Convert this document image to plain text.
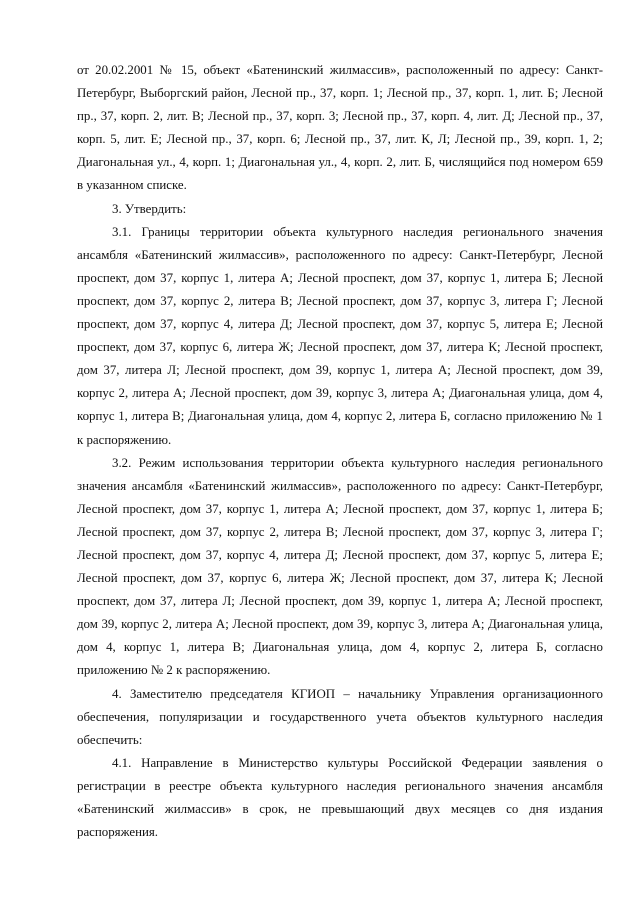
от 20.02.2001 № 15, объект «Батенинский жилмассив», расположенный по адресу: Санкт-Петербург, Выборгский район, Лесной пр., 37, корп. 1; Лесной пр., 37, корп. 1, лит. Б; Лесной пр., 37, корп. 2, лит. В; Лесной пр., 37, корп. 3; Лесной пр., 37, корп. 4, лит. Д; Лесной пр., 37, корп. 5, лит. Е; Лесной пр., 37, корп. 6; Лесной пр., 37, лит. К, Л; Лесной пр., 39, корп. 1, 2; Диагональная ул., 4, корп. 1; Диагональная ул., 4, корп. 2, лит. Б, числящийся под номером 659 в указанном списке.

3. Утвердить:

3.1. Границы территории объекта культурного наследия регионального значения ансамбля «Батенинский жилмассив», расположенного по адресу: Санкт-Петербург, Лесной проспект, дом 37, корпус 1, литера А; Лесной проспект, дом 37, корпус 1, литера Б; Лесной проспект, дом 37, корпус 2, литера В; Лесной проспект, дом 37, корпус 3, литера Г; Лесной проспект, дом 37, корпус 4, литера Д; Лесной проспект, дом 37, корпус 5, литера Е; Лесной проспект, дом 37, корпус 6, литера Ж; Лесной проспект, дом 37, литера К; Лесной проспект, дом 37, литера Л; Лесной проспект, дом 39, корпус 1, литера А; Лесной проспект, дом 39, корпус 2, литера А; Лесной проспект, дом 39, корпус 3, литера А; Диагональная улица, дом 4, корпус 1, литера В; Диагональная улица, дом 4, корпус 2, литера Б, согласно приложению № 1 к распоряжению.

3.2. Режим использования территории объекта культурного наследия регионального значения ансамбля «Батенинский жилмассив», расположенного по адресу: Санкт-Петербург, Лесной проспект, дом 37, корпус 1, литера А; Лесной проспект, дом 37, корпус 1, литера Б; Лесной проспект, дом 37, корпус 2, литера В; Лесной проспект, дом 37, корпус 3, литера Г; Лесной проспект, дом 37, корпус 4, литера Д; Лесной проспект, дом 37, корпус 5, литера Е; Лесной проспект, дом 37, корпус 6, литера Ж; Лесной проспект, дом 37, литера К; Лесной проспект, дом 37, литера Л; Лесной проспект, дом 39, корпус 1, литера А; Лесной проспект, дом 39, корпус 2, литера А; Лесной проспект, дом 39, корпус 3, литера А; Диагональная улица, дом 4, корпус 1, литера В; Диагональная улица, дом 4, корпус 2, литера Б, согласно приложению № 2 к распоряжению.

4. Заместителю председателя КГИОП – начальнику Управления организационного обеспечения, популяризации и государственного учета объектов культурного наследия обеспечить:

4.1. Направление в Министерство культуры Российской Федерации заявления о регистрации в реестре объекта культурного наследия регионального значения ансамбля «Батенинский жилмассив» в срок, не превышающий двух месяцев со дня издания распоряжения.
